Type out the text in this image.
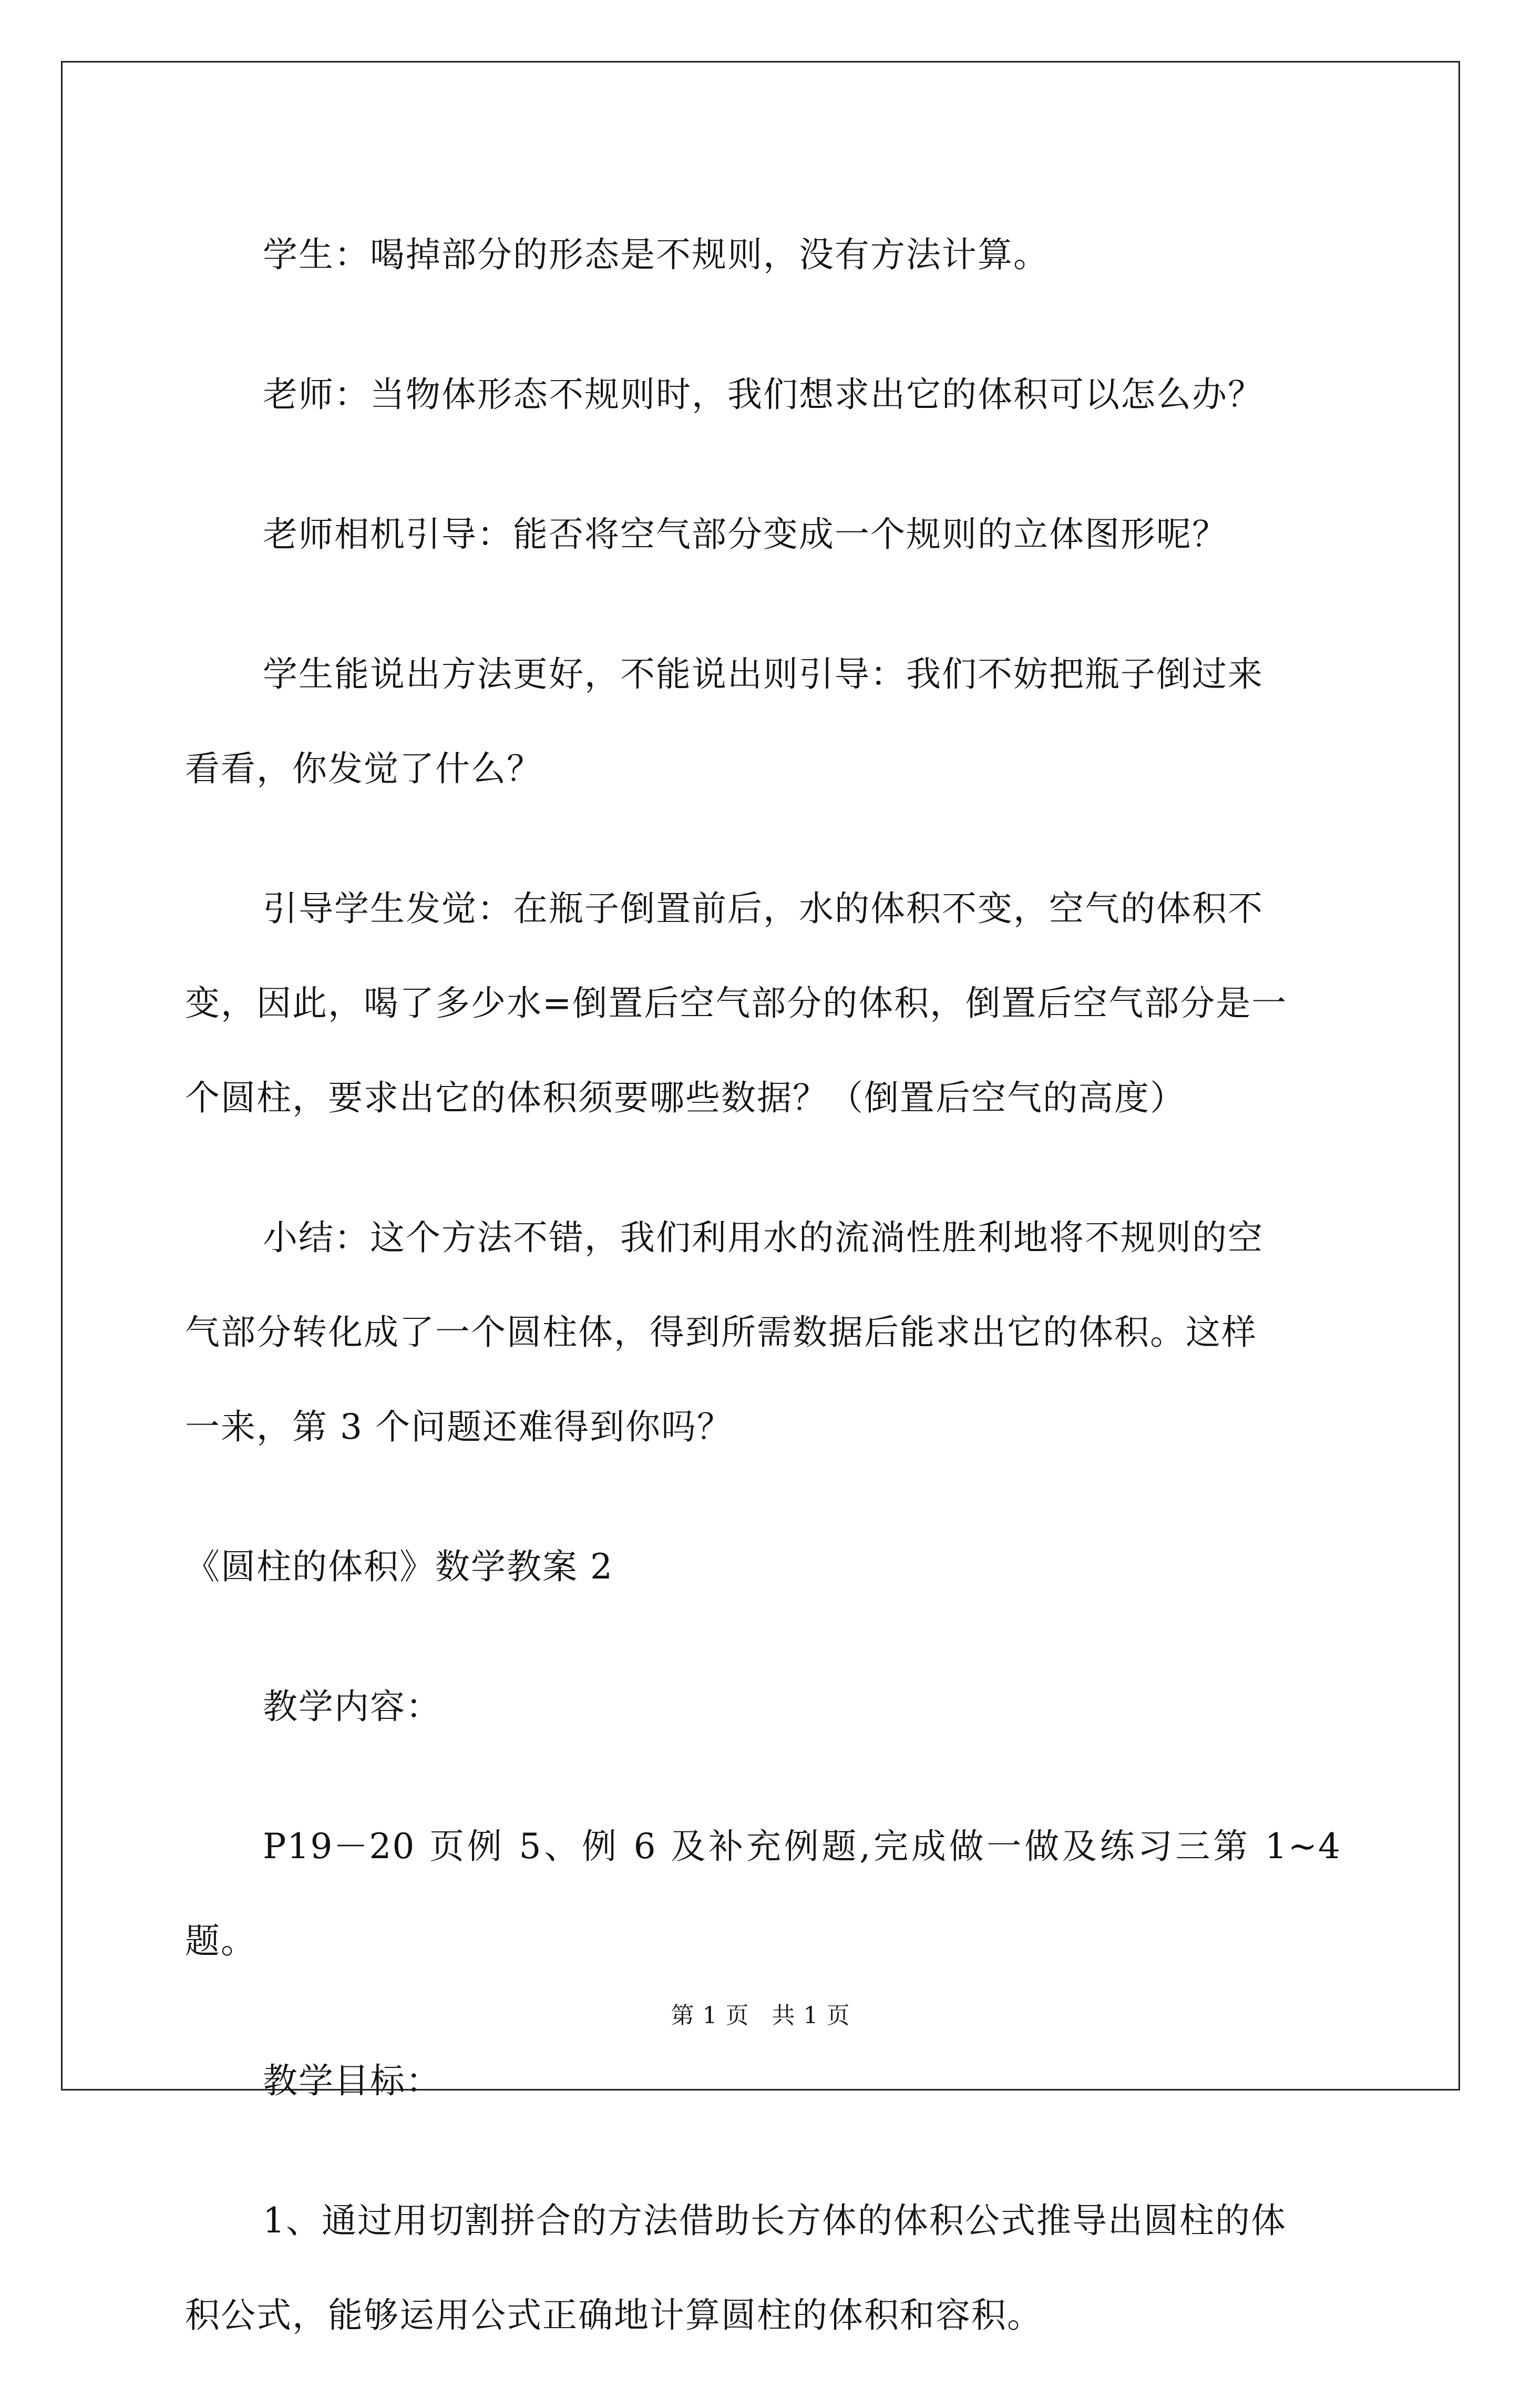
学生：喝掉部分的形态是不规则，没有方法计算。
老师：当物体形态不规则时，我们想求出它的体积可以怎么办？
老师相机引导：能否将空气部分变成一个规则的立体图形呢？
学生能说出方法更好，不能说出则引导：我们不妨把瓶子倒过来
看看，你发觉了什么？
引导学生发觉：在瓶子倒置前后，水的体积不变，空气的体积不
变，因此，喝了多少水=倒置后空气部分的体积，倒置后空气部分是一
个圆柱，要求出它的体积须要哪些数据？（倒置后空气的高度）
小结：这个方法不错，我们利用水的流淌性胜利地将不规则的空
气部分转化成了一个圆柱体，得到所需数据后能求出它的体积。这样
一来，第 3 个问题还难得到你吗？
《圆柱的体积》数学教案 2
教学内容：
P19－20 页例 5、例 6 及补充例题,完成做一做及练习三第 1~4 题。
教学目标：
1、通过用切割拼合的方法借助长方体的体积公式推导出圆柱的体
积公式，能够运用公式正确地计算圆柱的体积和容积。
第 1 页 共 1 页
